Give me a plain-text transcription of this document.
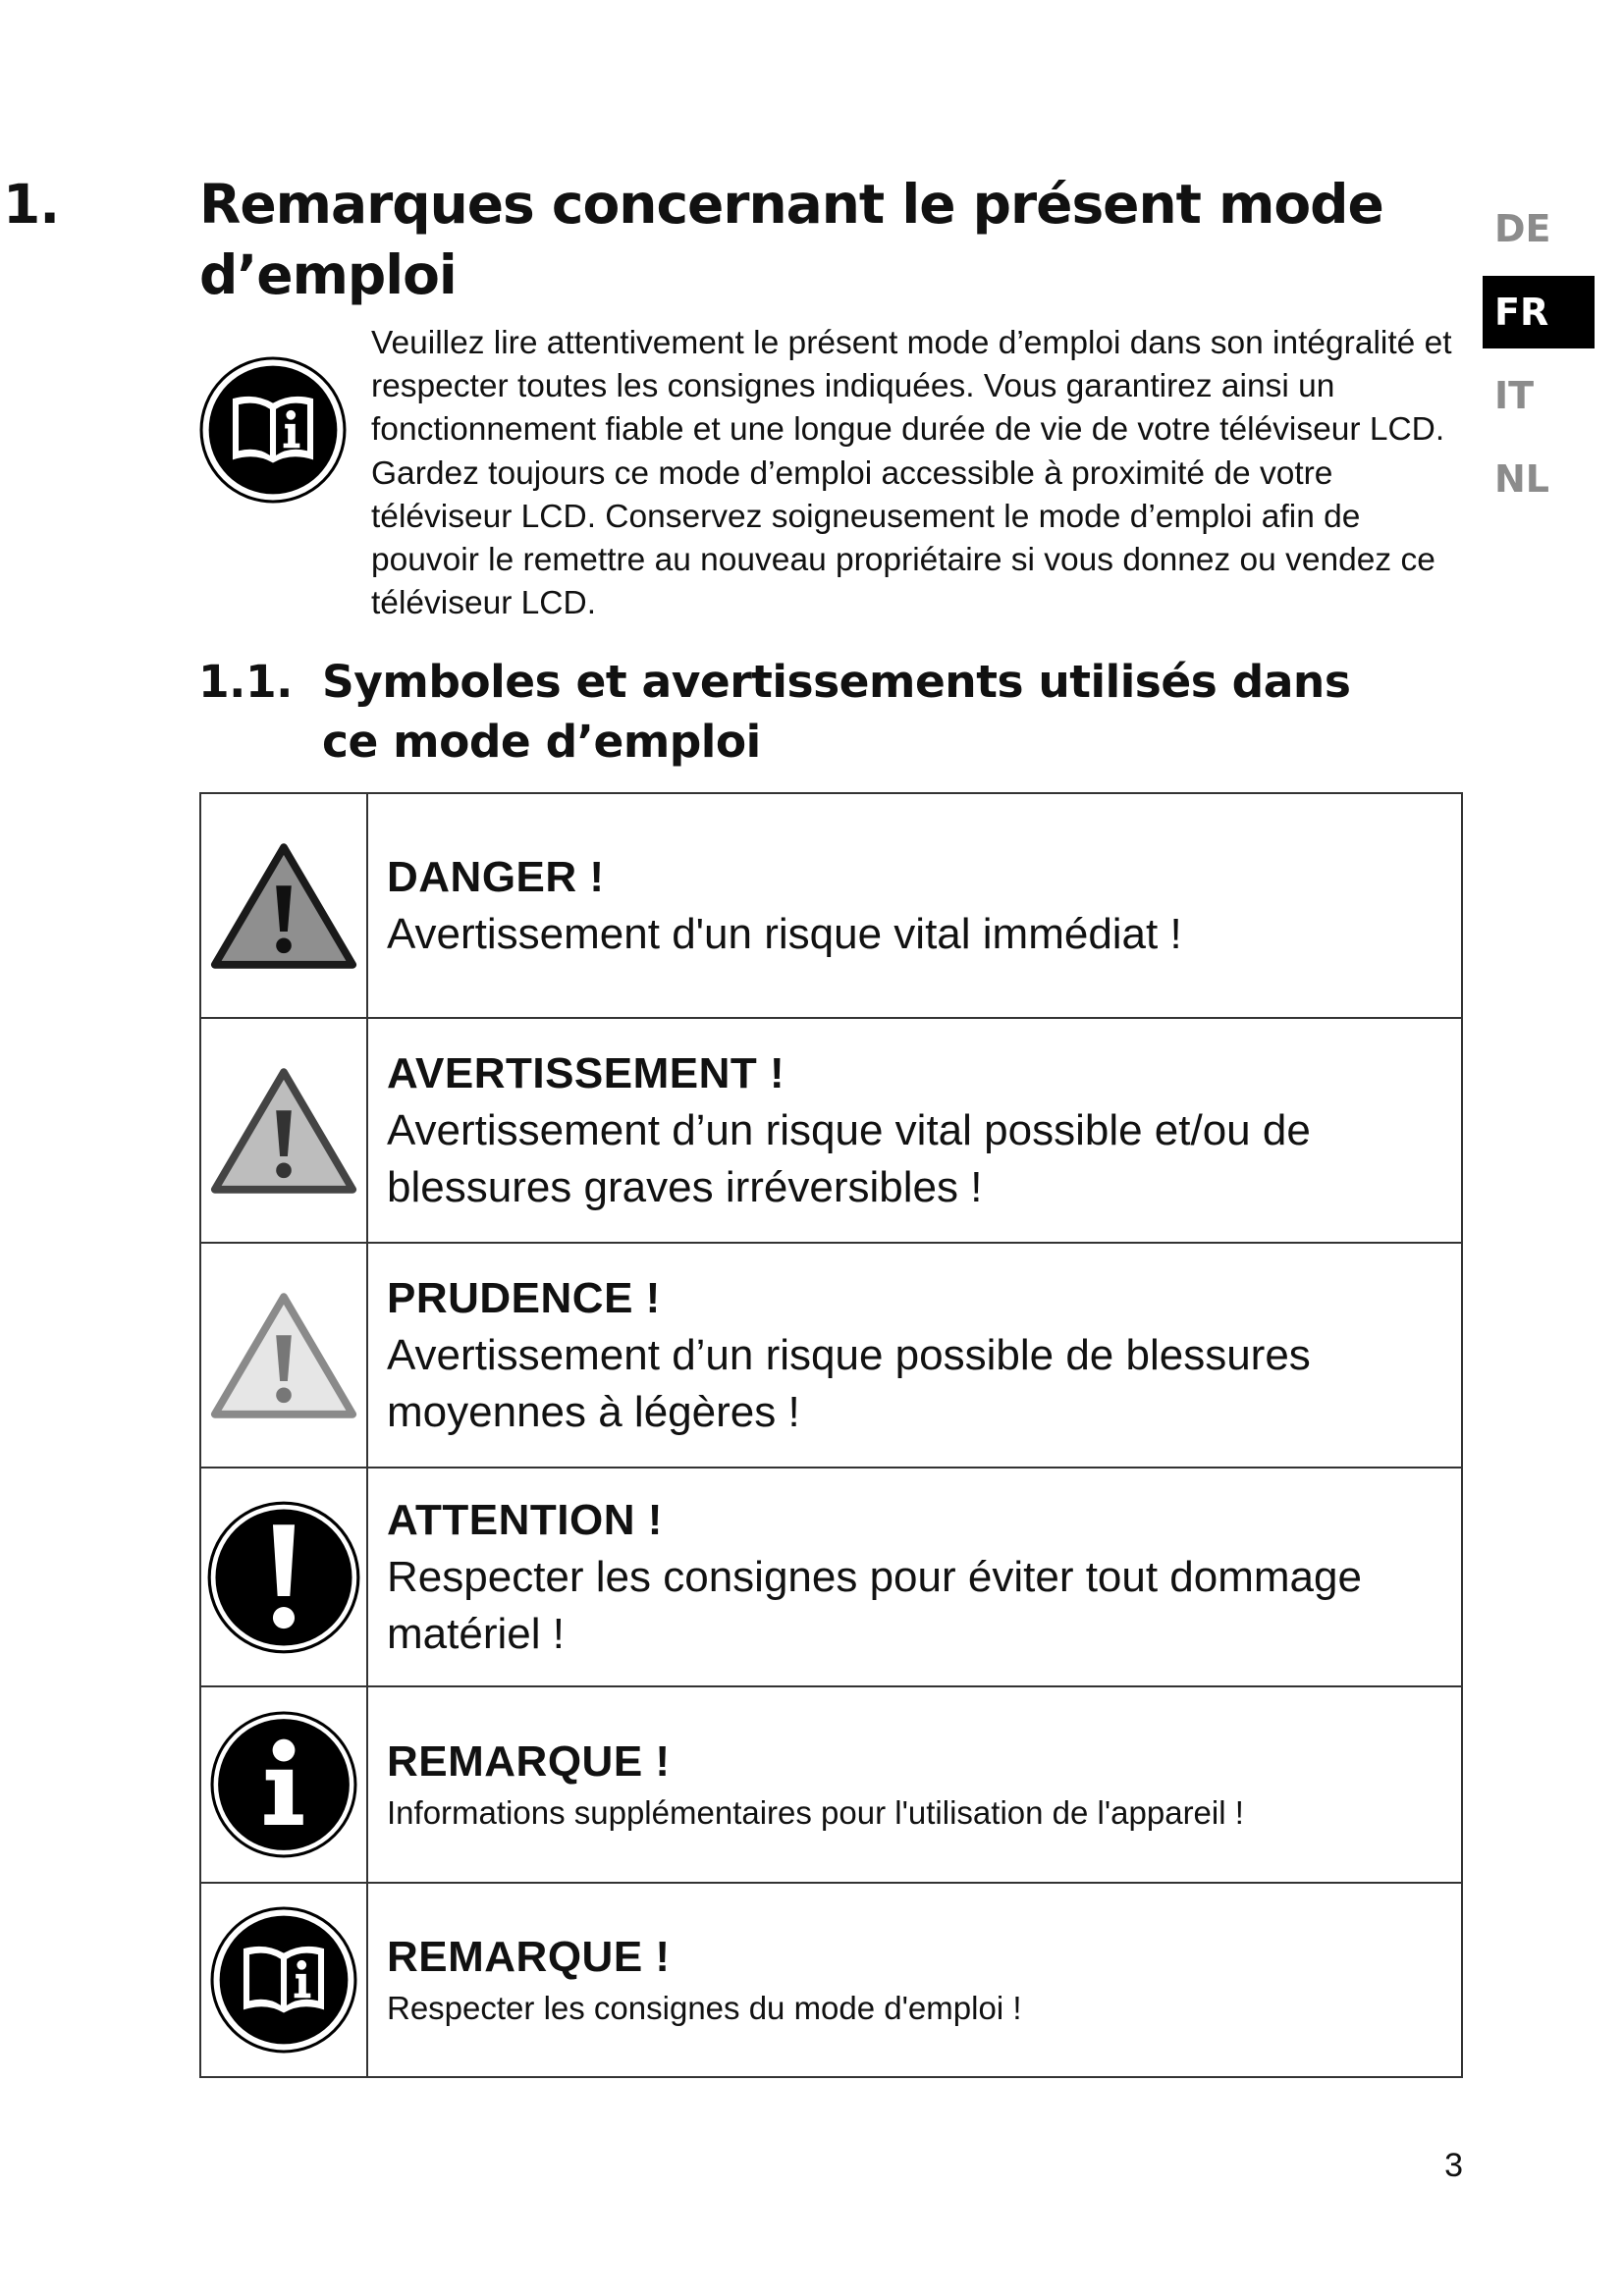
1.	Remarques concernant le présent mode d’emploi
Veuillez lire attentivement le présent mode d’emploi dans son intégralité et respecter toutes les consignes indiquées. Vous garantirez ainsi un fonctionnement fiable et une longue durée de vie de votre téléviseur LCD. Gardez toujours ce mode d’emploi accessible à proximité de votre téléviseur LCD. Conservez soigneusement le mode d’emploi afin de pouvoir le remettre au nouveau propriétaire si vous donnez ou vendez ce téléviseur LCD.
1.1. Symboles et avertissements utilisés dans ce mode d’emploi
DE
FR
IT
NL

DANGER !
Avertissement d'un risque vital immédiat !

AVERTISSEMENT !
Avertissement d’un risque vital possible et/ou de blessures graves irréversibles !

PRUDENCE !
Avertissement d’un risque possible de blessures moyennes à légères !

ATTENTION !
Respecter les consignes pour éviter tout dommage matériel !

REMARQUE !
Informations supplémentaires pour l'utilisation de l'appareil !

REMARQUE !
Respecter les consignes du mode d'emploi !
3
